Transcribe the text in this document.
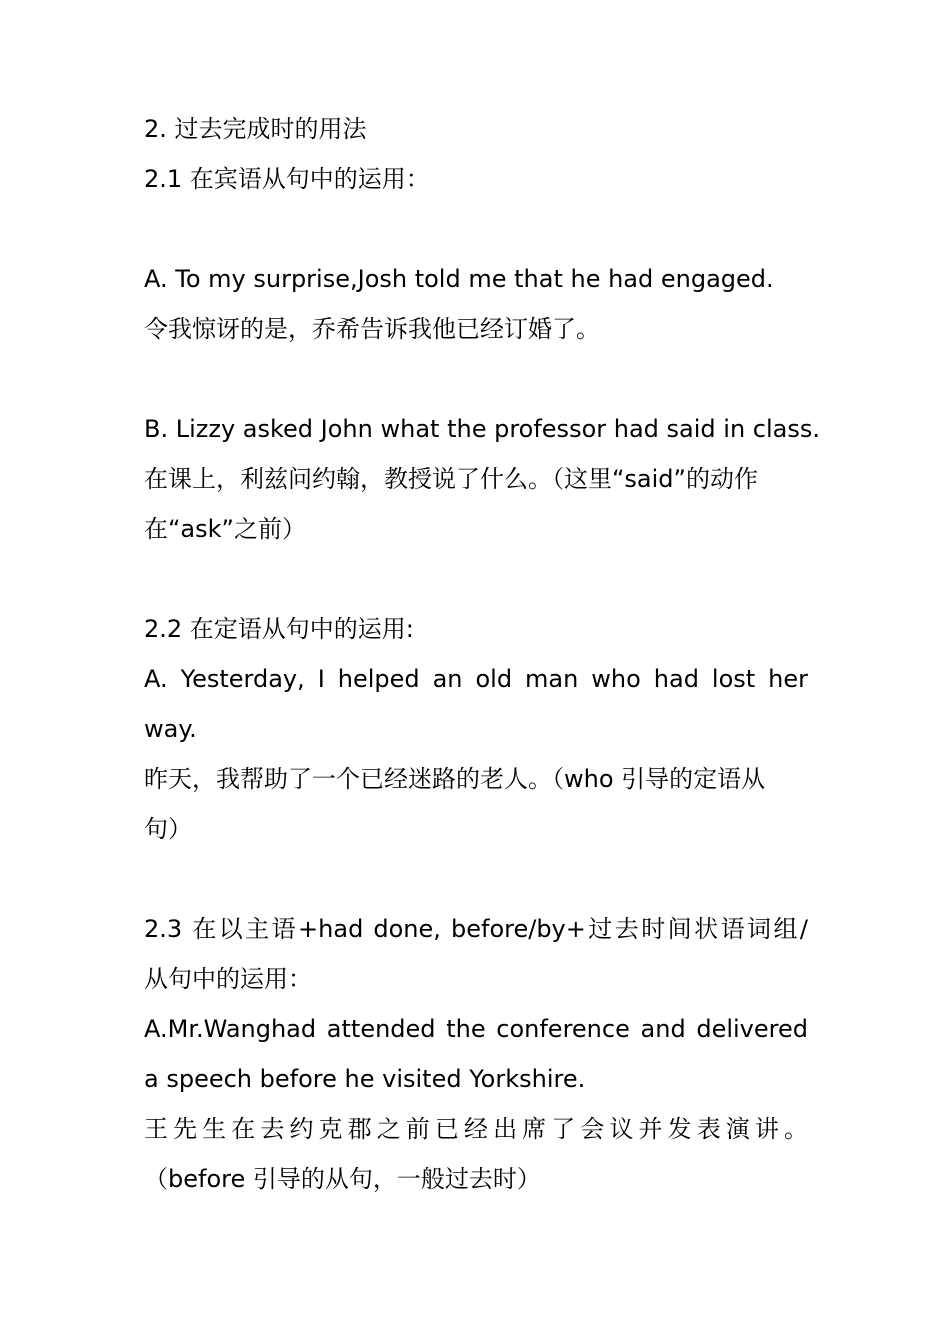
2. 过去完成时的用法
2.1 在宾语从句中的运用：
A. To my surprise,Josh told me that he had engaged.
令我惊讶的是，乔希告诉我他已经订婚了。
B. Lizzy asked John what the professor had said in class.
在课上，利兹问约翰，教授说了什么。（这里“said”的动作
在“ask”之前）
2.2 在定语从句中的运用:
A. Yesterday, I helped an old man who had lost her
way.
昨天，我帮助了一个已经迷路的老人。（who 引导的定语从
句）
2.3 在以主语+had done, before/by+过去时间状语词组/
从句中的运用：
A.Mr.Wanghad attended the conference and delivered
a speech before he visited Yorkshire.
王先生在去约克郡之前已经出席了会议并发表演讲。
（before 引导的从句，一般过去时）
